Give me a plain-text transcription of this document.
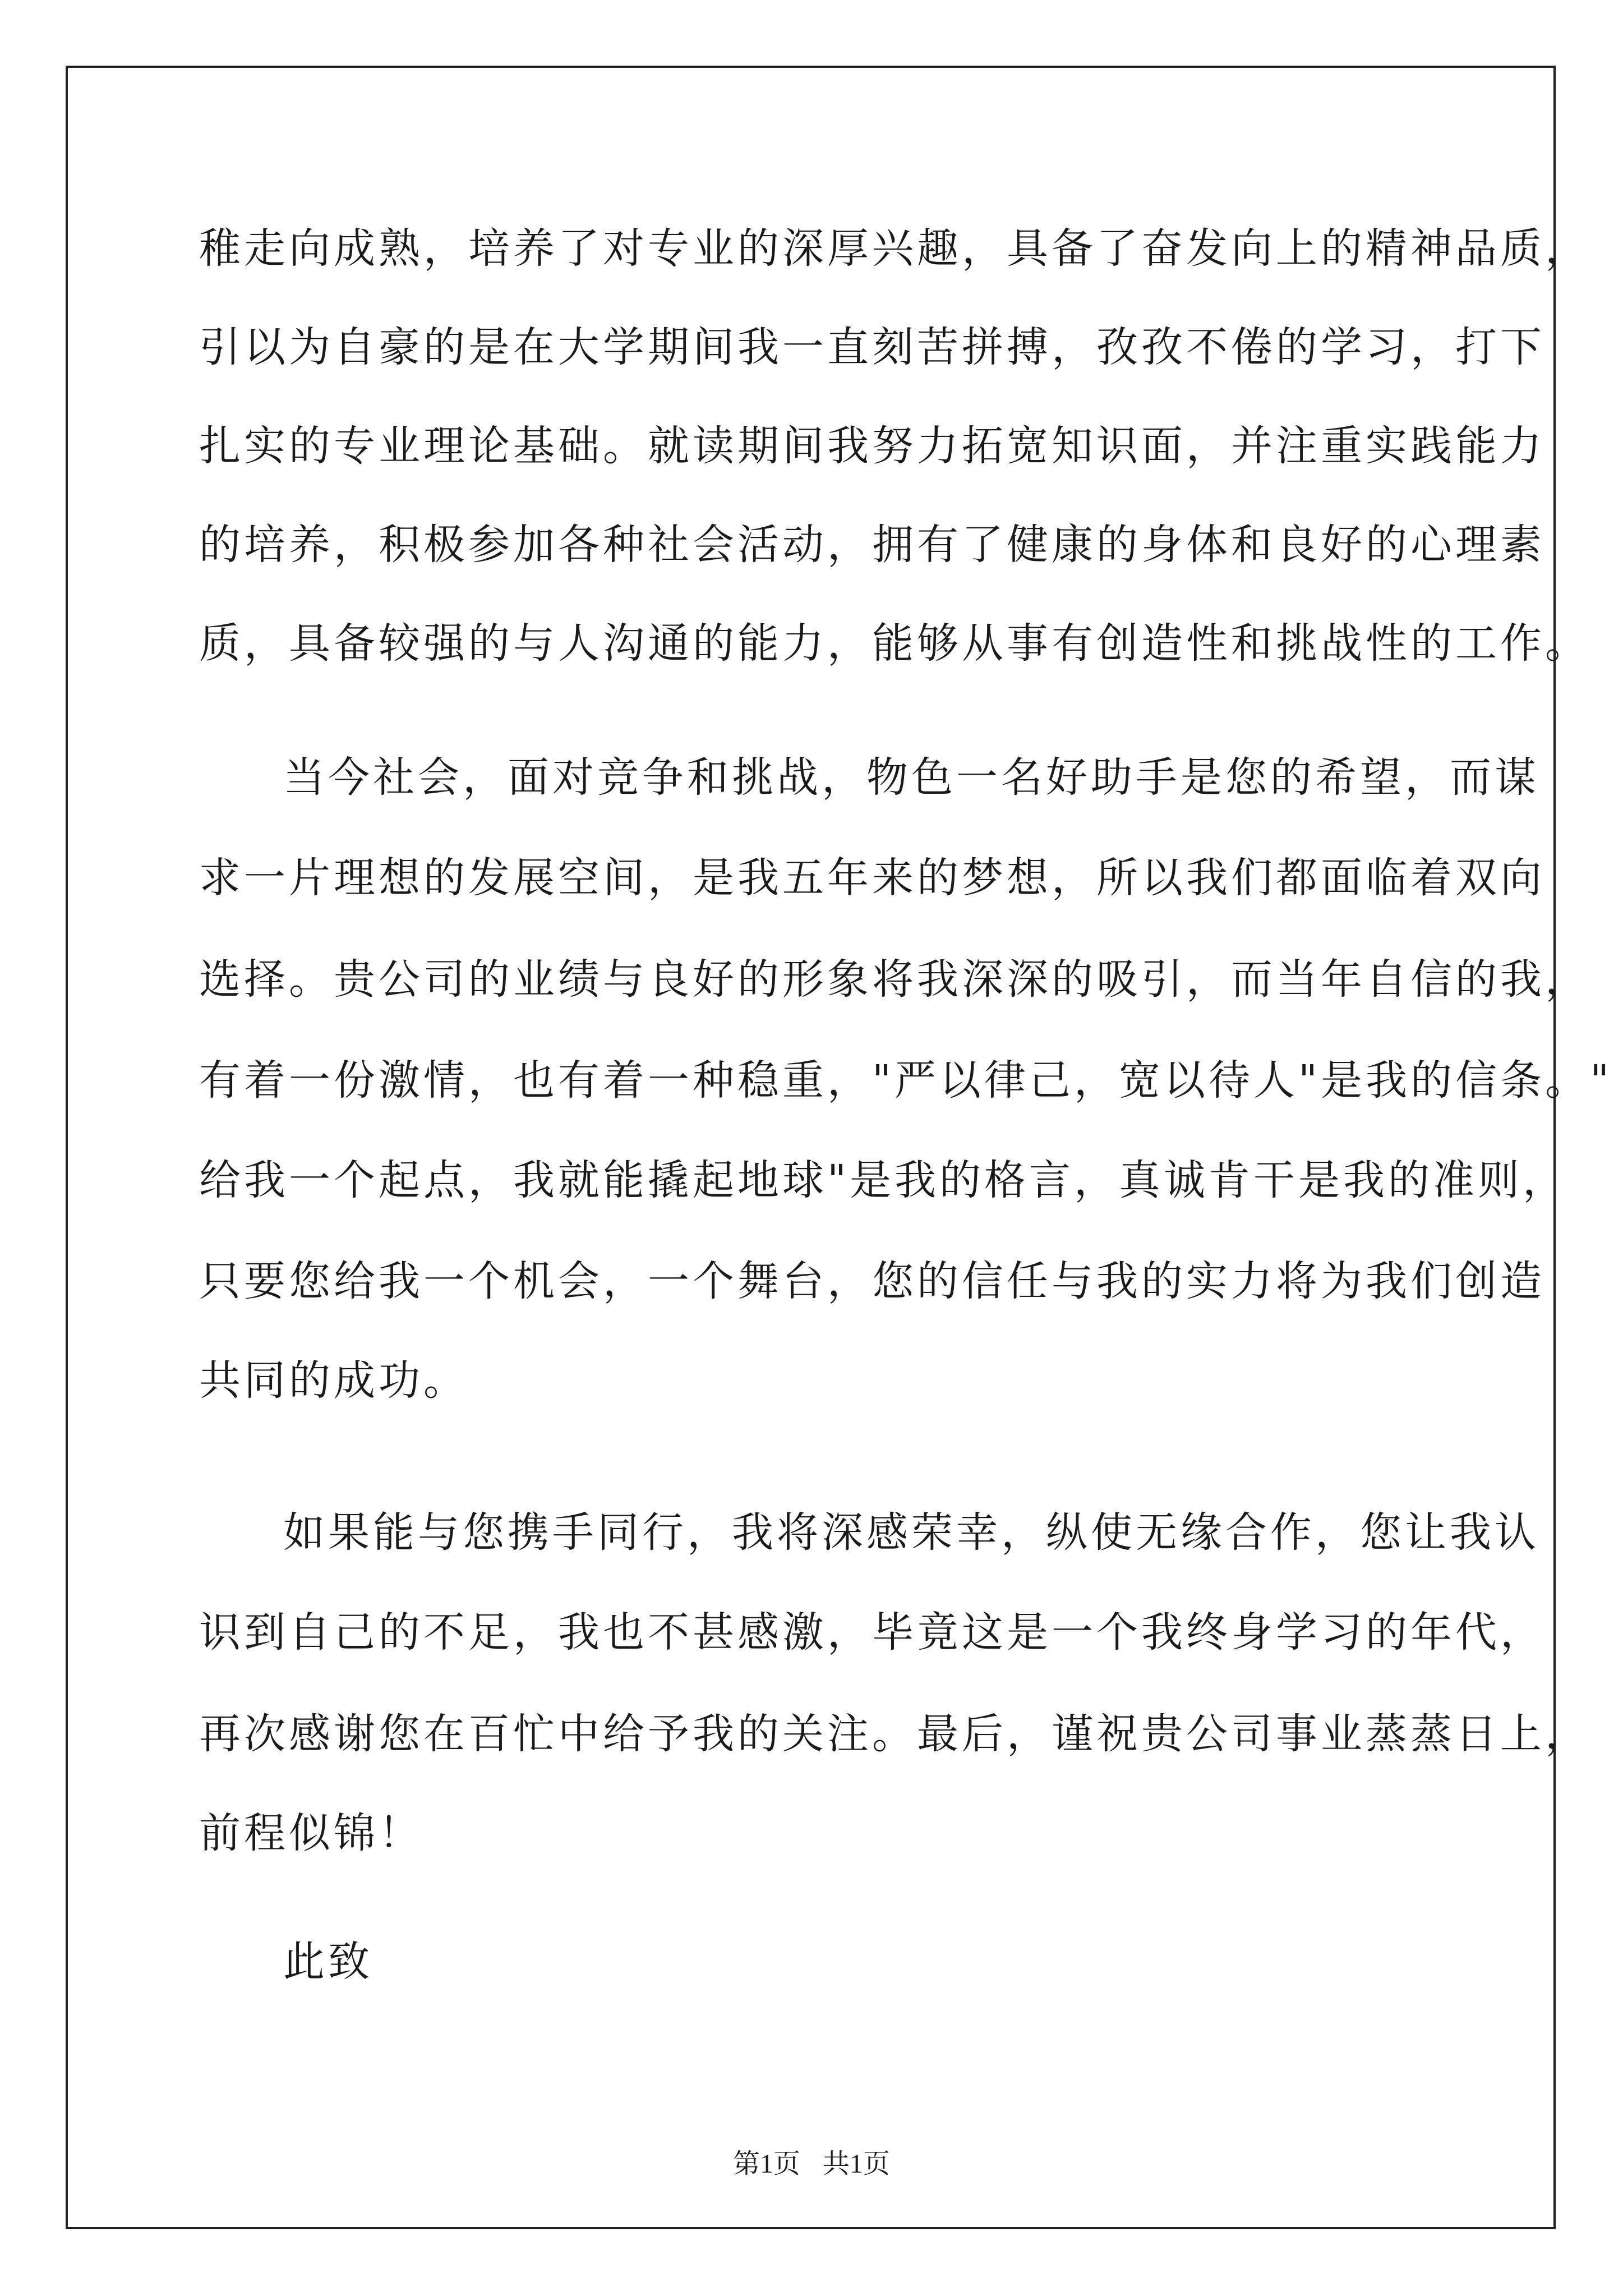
稚走向成熟，培养了对专业的深厚兴趣，具备了奋发向上的精神品质，
引以为自豪的是在大学期间我一直刻苦拼搏，孜孜不倦的学习，打下
扎实的专业理论基础。就读期间我努力拓宽知识面，并注重实践能力
的培养，积极参加各种社会活动，拥有了健康的身体和良好的心理素
质，具备较强的与人沟通的能力，能够从事有创造性和挑战性的工作。
当今社会，面对竞争和挑战，物色一名好助手是您的希望，而谋
求一片理想的发展空间，是我五年来的梦想，所以我们都面临着双向
选择。贵公司的业绩与良好的形象将我深深的吸引，而当年自信的我，
有着一份激情，也有着一种稳重，"严以律己，宽以待人"是我的信条。"
给我一个起点，我就能撬起地球"是我的格言，真诚肯干是我的准则，
只要您给我一个机会，一个舞台，您的信任与我的实力将为我们创造
共同的成功。
如果能与您携手同行，我将深感荣幸，纵使无缘合作，您让我认
识到自己的不足，我也不甚感激，毕竟这是一个我终身学习的年代，
再次感谢您在百忙中给予我的关注。最后，谨祝贵公司事业蒸蒸日上，
前程似锦！
此致
第1页 共1页
